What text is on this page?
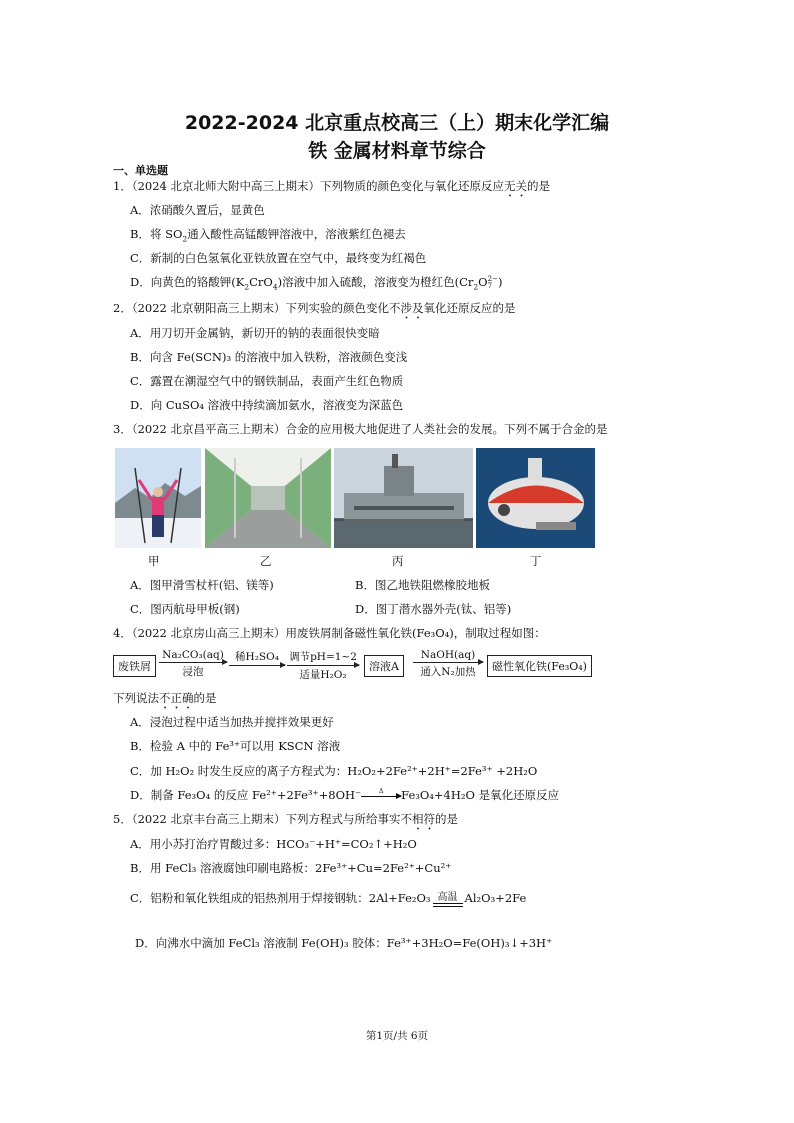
2022-2024 北京重点校高三（上）期末化学汇编
铁 金属材料章节综合
一、单选题
1．（2024 北京北师大附中高三上期末）下列物质的颜色变化与氧化还原反应无关的是
A．浓硝酸久置后，显黄色
B．将 $SO_2$通入酸性高锰酸钾溶液中，溶液紫红色褪去
C．新制的白色氢氧化亚铁放置在空气中，最终变为红褐色
D．向黄色的铬酸钾$(K_2CrO_4)$溶液中加入硫酸，溶液变为橙红色($Cr_2O$ 2−
7 )
2．（2022 北京朝阳高三上期末）下列实验的颜色变化不涉及氧化还原反应的是
A．用刀切开金属钠，新切开的钠的表面很快变暗
B．向含 Fe(SCN)₃ 的溶液中加入铁粉，溶液颜色变浅
C．露置在潮湿空气中的钢铁制品，表面产生红色物质
D．向 CuSO₄ 溶液中持续滴加氨水，溶液变为深蓝色
3．（2022 北京昌平高三上期末）合金的应用极大地促进了人类社会的发展。下列不属于合金的是
甲	乙	丙	丁
A．图甲滑雪杖杆(铝、镁等)	B．图乙地铁阻燃橡胶地板
C．图丙航母甲板(钢)	D．图丁潜水器外壳(钛、铝等)
4．（2022 北京房山高三上期末）用废铁屑制备磁性氧化铁(Fe₃O₄)，制取过程如图：
废铁屑
Na₂CO₃(aq)
浸泡
稀H₂SO₄ 调节pH=1~2
适量H₂O₂
溶液A
NaOH(aq)
通入N₂加热	磁性氧化铁(Fe₃O₄)
下列说法不正确的是
A．浸泡过程中适当加热并搅拌效果更好
B．检验 A 中的 Fe³⁺可以用 KSCN 溶液
C．加 H₂O₂ 时发生反应的离子方程式为：H₂O₂+2Fe²⁺+2H⁺=2Fe³⁺ +2H₂O
D．制备 Fe₃O₄ 的反应 Fe²⁺+2Fe³⁺+8OH⁻	Δ	Fe₃O₄+4H₂O 是氧化还原反应
5．（2022 北京丰台高三上期末）下列方程式与所给事实不相符的是
A．用小苏打治疗胃酸过多：HCO₃⁻+H⁺=CO₂↑+H₂O
B．用 FeCl₃ 溶液腐蚀印刷电路板：2Fe³⁺+Cu=2Fe²⁺+Cu²⁺
C．铝粉和氧化铁组成的铝热剂用于焊接钢轨：2Al+Fe₂O₃ 高温 Al₂O₃+2Fe
D．向沸水中滴加 FeCl₃ 溶液制 Fe(OH)₃ 胶体：Fe³⁺+3H₂O=Fe(OH)₃↓+3H⁺
第1页/共 6页
